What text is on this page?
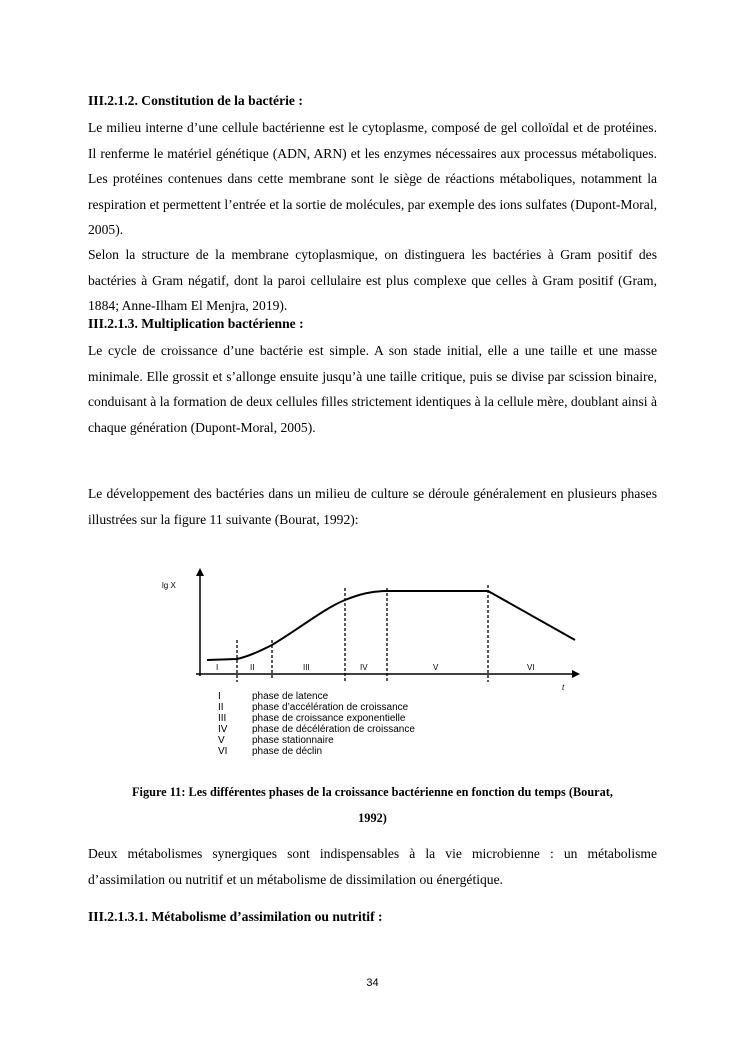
III.2.1.2. Constitution de la bactérie :
Le milieu interne d’une cellule bactérienne est le cytoplasme, composé de gel colloïdal et de protéines. Il renferme le matériel génétique (ADN, ARN) et les enzymes nécessaires aux processus métaboliques. Les protéines contenues dans cette membrane sont le siège de réactions métaboliques, notamment la respiration et permettent l’entrée et la sortie de molécules, par exemple des ions sulfates (Dupont-Moral, 2005).
Selon la structure de la membrane cytoplasmique, on distinguera les bactéries à Gram positif des bactéries à Gram négatif, dont la paroi cellulaire est plus complexe que celles à Gram positif (Gram, 1884; Anne-Ilham El Menjra, 2019).
III.2.1.3. Multiplication bactérienne :
Le cycle de croissance d’une bactérie est simple. A son stade initial, elle a une taille et une masse minimale. Elle grossit et s’allonge ensuite jusqu’à une taille critique, puis se divise par scission binaire, conduisant à la formation de deux cellules filles strictement identiques à la cellule mère, doublant ainsi à chaque génération (Dupont-Moral, 2005).
Le développement des bactéries dans un milieu de culture se déroule généralement en plusieurs phases illustrées sur la figure 11 suivante (Bourat, 1992):
lg X
t
I	II	III	IV	V	VI
I	phase de latence
II	phase d’accélération de croissance
III	phase de croissance exponentielle
IV phase de décélération de croissance
V	phase stationnaire
VI phase de déclin
Figure 11: Les différentes phases de la croissance bactérienne en fonction du temps (Bourat,
1992)
Deux métabolismes synergiques sont indispensables à la vie microbienne : un métabolisme d’assimilation ou nutritif et un métabolisme de dissimilation ou énergétique.
III.2.1.3.1. Métabolisme d’assimilation ou nutritif :
34
